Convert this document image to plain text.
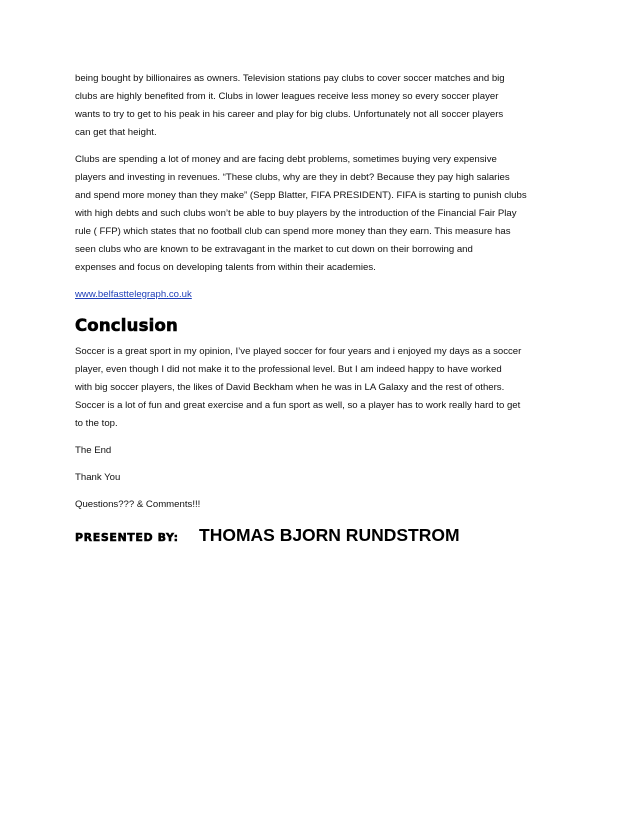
being bought by billionaires as owners. Television stations pay clubs to cover soccer matches and big
clubs are highly benefited from it. Clubs in lower leagues receive less money so every soccer player
wants to try to get to his peak in his career and play for big clubs. Unfortunately not all soccer players
can get that height.
Clubs are spending a lot of money and are facing debt problems, sometimes buying very expensive
players and investing in revenues. “These clubs, why are they in debt? Because they pay high salaries
and spend more money than they make” (Sepp Blatter, FIFA PRESIDENT). FIFA is starting to punish clubs
with high debts and such clubs won’t be able to buy players by the introduction of the Financial Fair Play
rule ( FFP) which states that no football club can spend more money than they earn. This measure has
seen clubs who are known to be extravagant in the market to cut down on their borrowing and
expenses and focus on developing talents from within their academies.
www.belfasttelegraph.co.uk
Conclusion
Soccer is a great sport in my opinion, I’ve played soccer for four years and i enjoyed my days as a soccer
player, even though I did not make it to the professional level. But I am indeed happy to have worked
with big soccer players, the likes of David Beckham when he was in LA Galaxy and the rest of others.
Soccer is a lot of fun and great exercise and a fun sport as well, so a player has to work really hard to get
to the top.

The End

Thank You

Questions??? & Comments!!!

PRESENTED BY:	THOMAS BJORN RUNDSTROM
